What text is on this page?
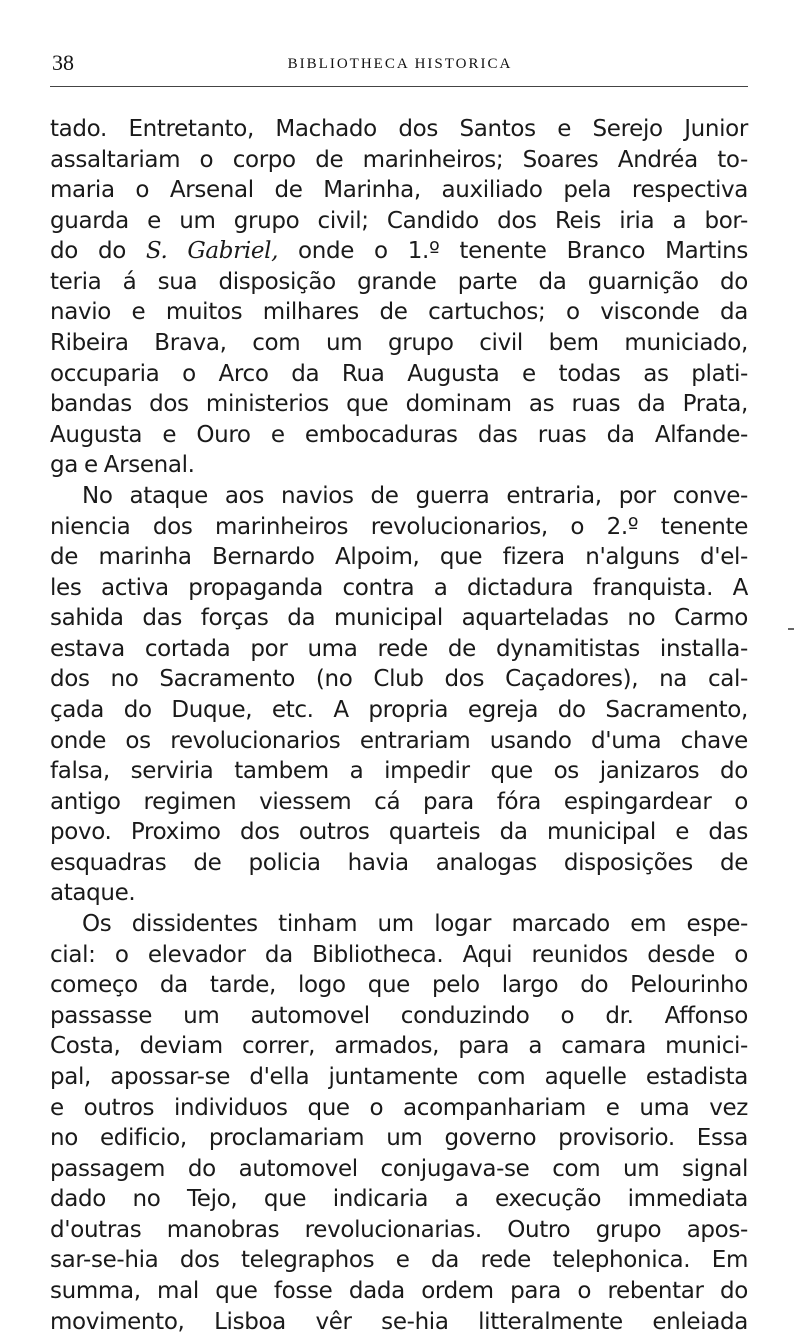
38	BIBLIOTHECA HISTORICA
tado. Entretanto, Machado dos Santos e Serejo Junior
assaltariam o corpo de marinheiros; Soares Andréa to-
maria o Arsenal de Marinha, auxiliado pela respectiva
guarda e um grupo civil; Candido dos Reis iria a bor-
do do S. Gabriel, onde o 1.º tenente Branco Martins
teria á sua disposição grande parte da guarnição do
navio e muitos milhares de cartuchos; o visconde da
Ribeira Brava, com um grupo civil bem municiado,
occuparia o Arco da Rua Augusta e todas as plati-
bandas dos ministerios que dominam as ruas da Prata,
Augusta e Ouro e embocaduras das ruas da Alfande-
ga e Arsenal.
No ataque aos navios de guerra entraria, por conve-
niencia dos marinheiros revolucionarios, o 2.º tenente
de marinha Bernardo Alpoim, que fizera n'alguns d'el-
les activa propaganda contra a dictadura franquista. A
sahida das forças da municipal aquarteladas no Carmo
estava cortada por uma rede de dynamitistas installa-
dos no Sacramento (no Club dos Caçadores), na cal-
çada do Duque, etc. A propria egreja do Sacramento,
onde os revolucionarios entrariam usando d'uma chave
falsa, serviria tambem a impedir que os janizaros do
antigo regimen viessem cá para fóra espingardear o
povo. Proximo dos outros quarteis da municipal e das
esquadras de policia havia analogas disposições de
ataque.
Os dissidentes tinham um logar marcado em espe-
cial: o elevador da Bibliotheca. Aqui reunidos desde o
começo da tarde, logo que pelo largo do Pelourinho
passasse um automovel conduzindo o dr. Affonso
Costa, deviam correr, armados, para a camara munici-
pal, apossar-se d'ella juntamente com aquelle estadista
e outros individuos que o acompanhariam e uma vez
no edificio, proclamariam um governo provisorio. Essa
passagem do automovel conjugava-se com um signal
dado no Tejo, que indicaria a execução immediata
d'outras manobras revolucionarias. Outro grupo apos-
sar-se-hia dos telegraphos e da rede telephonica. Em
summa, mal que fosse dada ordem para o rebentar do
movimento, Lisboa vêr se-hia litteralmente enleiada
